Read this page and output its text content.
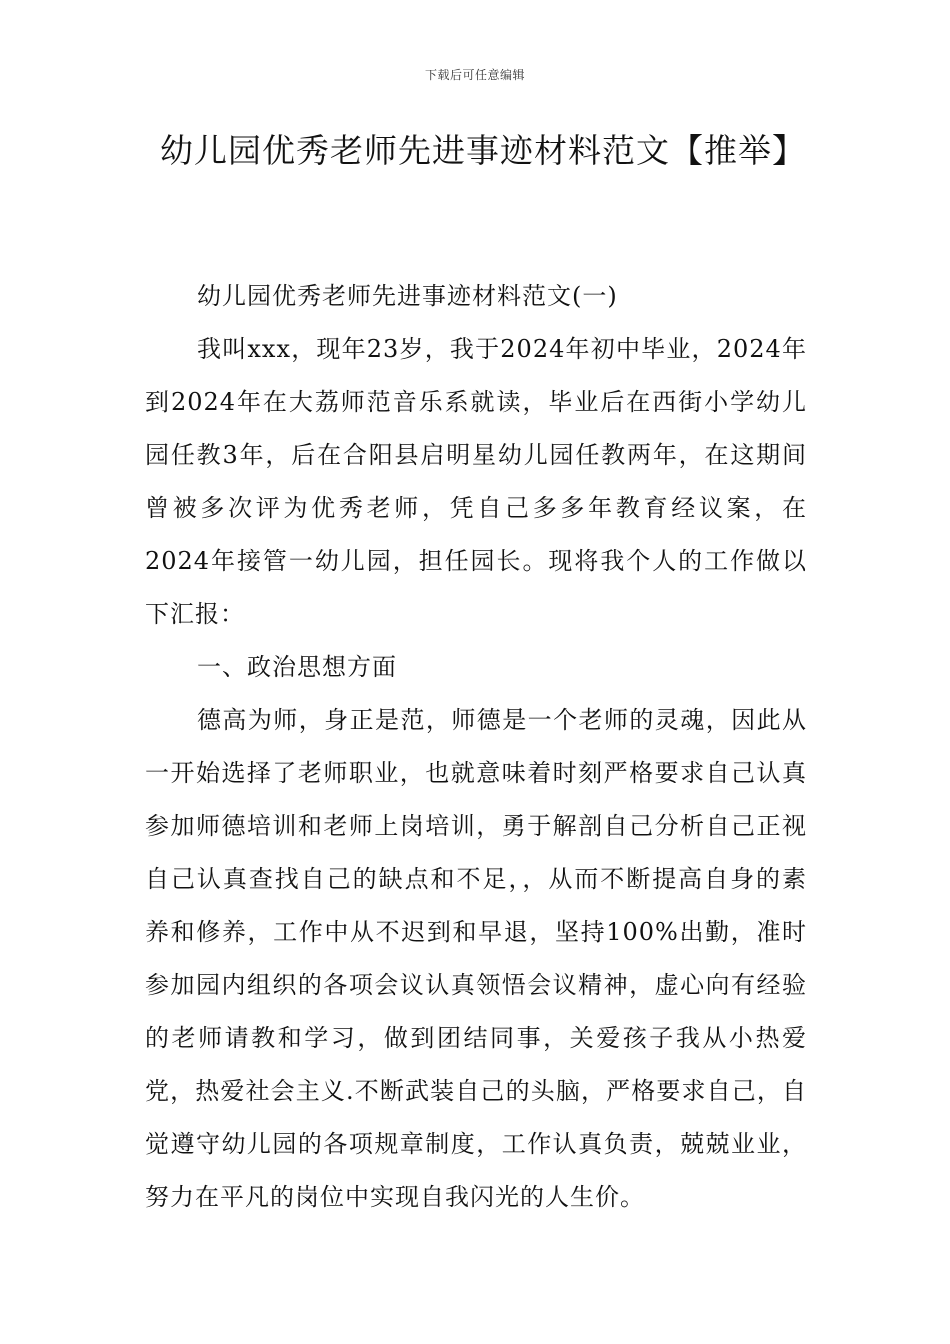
下载后可任意编辑
幼儿园优秀老师先进事迹材料范文【推举】

幼儿园优秀老师先进事迹材料范文(一)

我叫xxx，现年23岁，我于2024年初中毕业，2024年到2024年在大荔师范音乐系就读，毕业后在西街小学幼儿园任教3年，后在合阳县启明星幼儿园任教两年，在这期间曾被多次评为优秀老师，凭自己多多年教育经议案，在2024年接管一幼儿园，担任园长。现将我个人的工作做以下汇报：

一、政治思想方面

德高为师，身正是范，师德是一个老师的灵魂，因此从一开始选择了老师职业，也就意味着时刻严格要求自己认真参加师德培训和老师上岗培训，勇于解剖自己分析自己正视自己认真查找自己的缺点和不足，，从而不断提高自身的素养和修养，工作中从不迟到和早退，坚持100%出勤，准时参加园内组织的各项会议认真领悟会议精神，虚心向有经验的老师请教和学习，做到团结同事，关爱孩子我从小热爱党，热爱社会主义.不断武装自己的头脑，严格要求自己，自觉遵守幼儿园的各项规章制度，工作认真负责，兢兢业业，努力在平凡的岗位中实现自我闪光的人生价。
